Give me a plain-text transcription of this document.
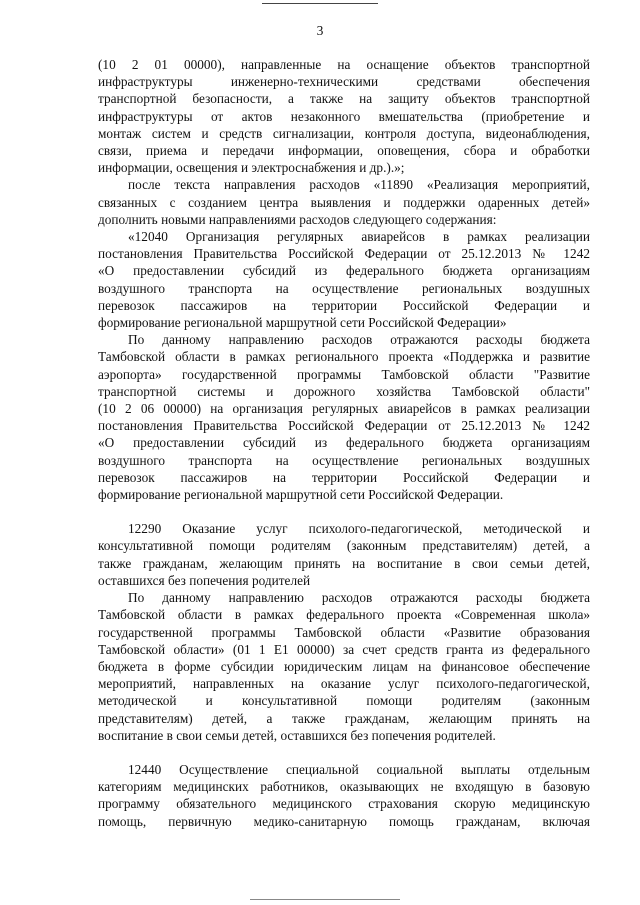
3
(10 2 01 00000), направленные на оснащение объектов транспортной
инфраструктуры инженерно-техническими средствами обеспечения
транспортной безопасности, а также на защиту объектов транспортной
инфраструктуры от актов незаконного вмешательства (приобретение и
монтаж систем и средств сигнализации, контроля доступа, видеонаблюдения,
связи, приема и передачи информации, оповещения, сбора и обработки
информации, освещения и электроснабжения и др.).»;
после текста направления расходов «11890 «Реализация мероприятий,
связанных с созданием центра выявления и поддержки одаренных детей»
дополнить новыми направлениями расходов следующего содержания:
«12040 Организация регулярных авиарейсов в рамках реализации
постановления Правительства Российской Федерации от 25.12.2013 № 1242
«О предоставлении субсидий из федерального бюджета организациям
воздушного транспорта на осуществление региональных воздушных
перевозок пассажиров на территории Российской Федерации и
формирование региональной маршрутной сети Российской Федерации»
По данному направлению расходов отражаются расходы бюджета
Тамбовской области в рамках регионального проекта «Поддержка и развитие
аэропорта» государственной программы Тамбовской области "Развитие
транспортной системы и дорожного хозяйства Тамбовской области"
(10 2 06 00000) на организация регулярных авиарейсов в рамках реализации
постановления Правительства Российской Федерации от 25.12.2013 № 1242
«О предоставлении субсидий из федерального бюджета организациям
воздушного транспорта на осуществление региональных воздушных
перевозок пассажиров на территории Российской Федерации и
формирование региональной маршрутной сети Российской Федерации.
12290 Оказание услуг психолого-педагогической, методической и
консультативной помощи родителям (законным представителям) детей, а
также гражданам, желающим принять на воспитание в свои семьи детей,
оставшихся без попечения родителей
По данному направлению расходов отражаются расходы бюджета
Тамбовской области в рамках федерального проекта «Современная школа»
государственной программы Тамбовской области «Развитие образования
Тамбовской области» (01 1 Е1 00000) за счет средств гранта из федерального
бюджета в форме субсидии юридическим лицам на финансовое обеспечение
мероприятий, направленных на оказание услуг психолого-педагогической,
методической и консультативной помощи родителям (законным
представителям) детей, а также гражданам, желающим принять на
воспитание в свои семьи детей, оставшихся без попечения родителей.
12440 Осуществление специальной социальной выплаты отдельным
категориям медицинских работников, оказывающих не входящую в базовую
программу обязательного медицинского страхования скорую медицинскую
помощь, первичную медико-санитарную помощь гражданам, включая
